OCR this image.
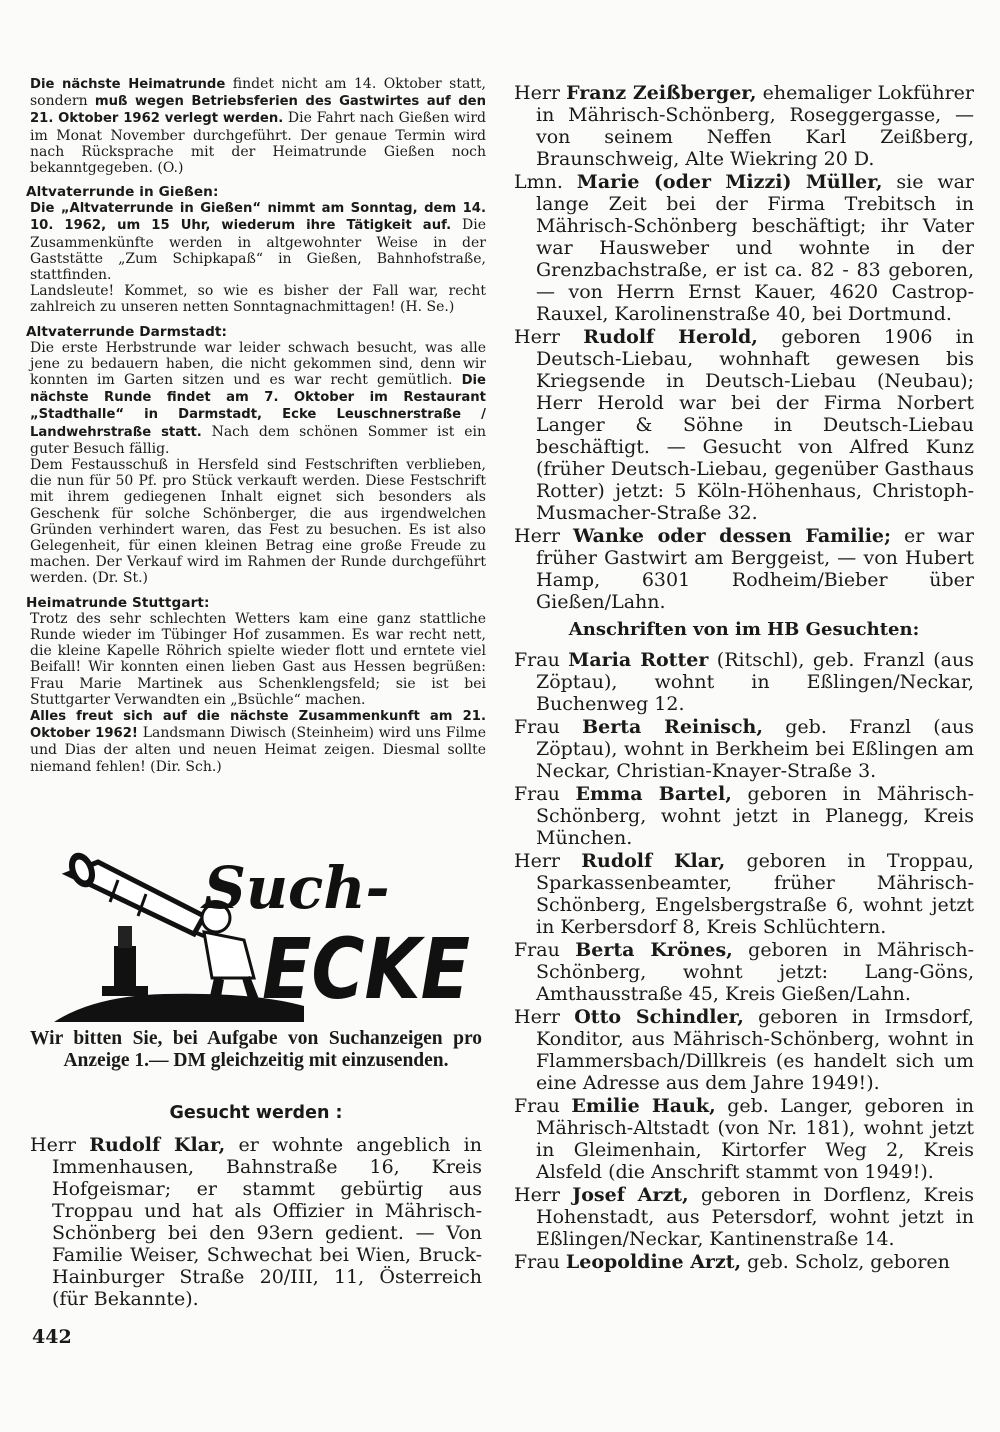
Die nächste Heimatrunde findet nicht am 14. Oktober statt, sondern muß wegen Betriebsferien des Gastwirtes auf den 21. Oktober 1962 verlegt werden. Die Fahrt nach Gießen wird im Monat November durchgeführt. Der genaue Termin wird nach Rücksprache mit der Heimatrunde Gießen noch bekanntgegeben. (O.)

Altvaterrunde in Gießen:

Die „Altvaterrunde in Gießen“ nimmt am Sonntag, dem 14. 10. 1962, um 15 Uhr, wiederum ihre Tätigkeit auf. Die Zusammenkünfte werden in altgewohnter Weise in der Gaststätte „Zum Schipkapaß“ in Gießen, Bahnhofstraße, stattfinden.

Landsleute! Kommet, so wie es bisher der Fall war, recht zahlreich zu unseren netten Sonntagnachmittagen! (H. Se.)

Altvaterrunde Darmstadt:

Die erste Herbstrunde war leider schwach besucht, was alle jene zu bedauern haben, die nicht gekommen sind, denn wir konnten im Garten sitzen und es war recht gemütlich. Die nächste Runde findet am 7. Oktober im Restaurant „Stadthalle“ in Darmstadt, Ecke Leuschnerstraße / Landwehrstraße statt. Nach dem schönen Sommer ist ein guter Besuch fällig.

Dem Festausschuß in Hersfeld sind Festschriften verblieben, die nun für 50 Pf. pro Stück verkauft werden. Diese Festschrift mit ihrem gediegenen Inhalt eignet sich besonders als Geschenk für solche Schönberger, die aus irgendwelchen Gründen verhindert waren, das Fest zu besuchen. Es ist also Gelegenheit, für einen kleinen Betrag eine große Freude zu machen. Der Verkauf wird im Rahmen der Runde durchgeführt werden. (Dr. St.)

Heimatrunde Stuttgart:

Trotz des sehr schlechten Wetters kam eine ganz stattliche Runde wieder im Tübinger Hof zusammen. Es war recht nett, die kleine Kapelle Röhrich spielte wieder flott und erntete viel Beifall! Wir konnten einen lieben Gast aus Hessen begrüßen: Frau Marie Martinek aus Schenklengsfeld; sie ist bei Stuttgarter Verwandten ein „Bsüchle“ machen.

Alles freut sich auf die nächste Zusammenkunft am 21. Oktober 1962! Landsmann Diwisch (Steinheim) wird uns Filme und Dias der alten und neuen Heimat zeigen. Diesmal sollte niemand fehlen! (Dir. Sch.)

Such-
ECKE
Wir bitten Sie, bei Aufgabe von Suchanzeigen pro Anzeige 1.— DM gleichzeitig mit einzusenden.
Gesucht werden :

Herr Rudolf Klar, er wohnte angeblich in Immenhausen, Bahnstraße 16, Kreis Hofgeismar; er stammt gebürtig aus Troppau und hat als Offizier in Mährisch-Schönberg bei den 93ern gedient. — Von Familie Weiser, Schwechat bei Wien, Bruck-Hainburger Straße 20/III, 11, Österreich (für Bekannte).

442

Herr Franz Zeißberger, ehemaliger Lokführer in Mährisch-Schönberg, Roseggergasse, — von seinem Neffen Karl Zeißberg, Braunschweig, Alte Wiekring 20 D.

Lmn. Marie (oder Mizzi) Müller, sie war lange Zeit bei der Firma Trebitsch in Mährisch-Schönberg beschäftigt; ihr Vater war Hausweber und wohnte in der Grenzbachstraße, er ist ca. 82 - 83 geboren, — von Herrn Ernst Kauer, 4620 Castrop-Rauxel, Karolinenstraße 40, bei Dortmund.

Herr Rudolf Herold, geboren 1906 in Deutsch-Liebau, wohnhaft gewesen bis Kriegsende in Deutsch-Liebau (Neubau); Herr Herold war bei der Firma Norbert Langer & Söhne in Deutsch-Liebau beschäftigt. — Gesucht von Alfred Kunz (früher Deutsch-Liebau, gegenüber Gasthaus Rotter) jetzt: 5 Köln-Höhenhaus, Christoph-Musmacher-Straße 32.

Herr Wanke oder dessen Familie; er war früher Gastwirt am Berggeist, — von Hubert Hamp, 6301 Rodheim/Bieber über Gießen/Lahn.

Anschriften von im HB Gesuchten:

Frau Maria Rotter (Ritschl), geb. Franzl (aus Zöptau), wohnt in Eßlingen/Neckar, Buchenweg 12.

Frau Berta Reinisch, geb. Franzl (aus Zöptau), wohnt in Berkheim bei Eßlingen am Neckar, Christian-Knayer-Straße 3.

Frau Emma Bartel, geboren in Mährisch-Schönberg, wohnt jetzt in Planegg, Kreis München.

Herr Rudolf Klar, geboren in Troppau, Sparkassenbeamter, früher Mährisch-Schönberg, Engelsbergstraße 6, wohnt jetzt in Kerbersdorf 8, Kreis Schlüchtern.

Frau Berta Krönes, geboren in Mährisch-Schönberg, wohnt jetzt: Lang-Göns, Amthausstraße 45, Kreis Gießen/Lahn.

Herr Otto Schindler, geboren in Irmsdorf, Konditor, aus Mährisch-Schönberg, wohnt in Flammersbach/Dillkreis (es handelt sich um eine Adresse aus dem Jahre 1949!).

Frau Emilie Hauk, geb. Langer, geboren in Mährisch-Altstadt (von Nr. 181), wohnt jetzt in Gleimenhain, Kirtorfer Weg 2, Kreis Alsfeld (die Anschrift stammt von 1949!).

Herr Josef Arzt, geboren in Dorflenz, Kreis Hohenstadt, aus Petersdorf, wohnt jetzt in Eßlingen/Neckar, Kantinenstraße 14.

Frau Leopoldine Arzt, geb. Scholz, geboren
